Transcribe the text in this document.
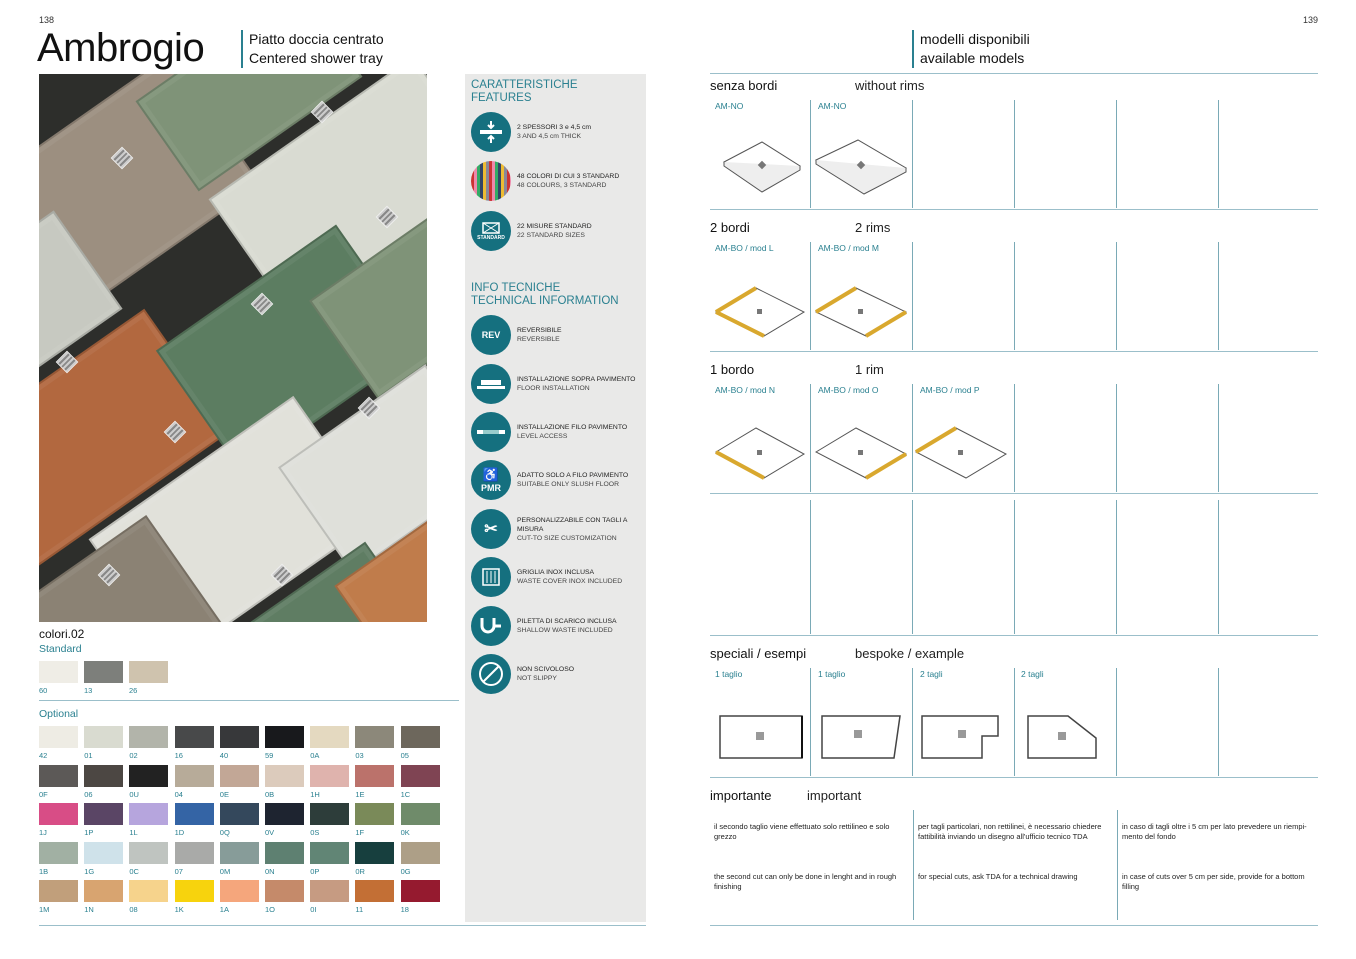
138
Ambrogio	Piatto doccia centrato
Centered shower tray
CARATTERISTICHE
FEATURES
2 SPESSORI 3 e 4,5 cm
3 AND 4,5 cm THICK
48 COLORI DI CUI 3 STANDARD
48 COLOURS, 3 STANDARD
STANDARD
22 MISURE STANDARD
22 STANDARD SIZES
INFO TECNICHE
TECHNICAL INFORMATION
REV REVERSIBILE
REVERSIBLE
INSTALLAZIONE SOPRA PAVIMENTO
FLOOR INSTALLATION
INSTALLAZIONE FILO PAVIMENTO
LEVEL ACCESS
♿
PMR
ADATTO SOLO A FILO PAVIMENTO
SUITABLE ONLY SLUSH FLOOR
✂
PERSONALIZZABILE CON TAGLI A MISURA
CUT-TO SIZE CUSTOMIZATION
GRIGLIA INOX INCLUSA
WASTE COVER INOX INCLUDED
PILETTA DI SCARICO INCLUSA
SHALLOW WASTE INCLUDED
NON SCIVOLOSO
NOT SLIPPY
colori.02
Standard
60	13	26
Optional
42	01	02	16	40	59	0A	03	05
0F	06	0U	04	0E	0B	1H	1E	1C
1J	1P	1L	1D	0Q	0V	0S	1F	0K
1B	1G	0C	07	0M	0N	0P	0R	0G
1M	1N	08	1K	1A	1O	0I	11	18
139
modelli disponibili
available models
senza bordi	without rims
2 bordi	2 rims
1 bordo	1 rim
speciali / esempi	bespoke / example
importante	important
AM-NO	AM-NO
AM-BO / mod L	AM-BO / mod M
AM-BO / mod N	AM-BO / mod O	AM-BO / mod P
1 taglio	1 taglio	2 tagli	2 tagli
il secondo taglio viene effettuato solo rettilineo e solo grezzo
the second cut can only be done in lenght and in rough finishing
per tagli particolari, non rettilinei, è necessario chiedere fattibilità inviando un disegno all'ufficio tecnico TDA
for special cuts, ask TDA for a technical drawing
in caso di tagli oltre i 5 cm per lato prevedere un riempi- mento del fondo
in case of cuts over 5 cm per side, provide for a bottom filling
